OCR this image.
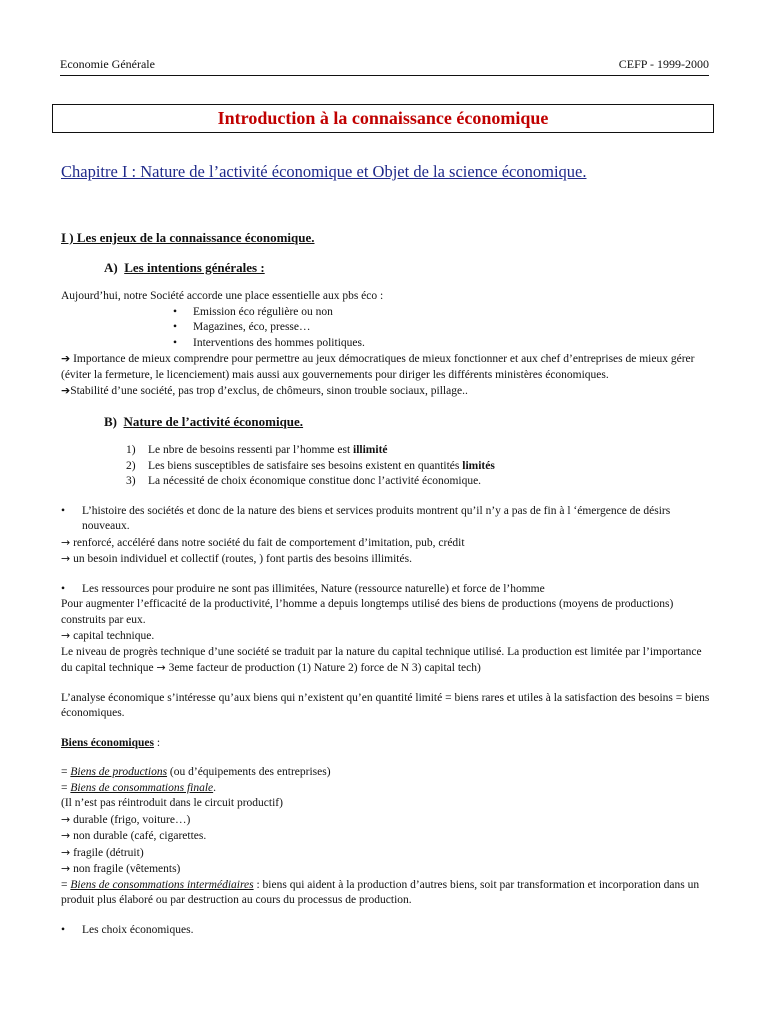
Economie Générale	CEFP - 1999-2000
Introduction à la connaissance économique
Chapitre I : Nature de l’activité économique et Objet de la science économique.
I ) Les enjeux de la connaissance économique.
A) Les intentions générales :

Aujourd’hui, notre Société accorde une place essentielle aux pbs éco :

• Emission éco régulière ou non
• Magazines, éco, presse…
• Interventions des hommes politiques.

➔ Importance de mieux comprendre pour permettre au jeux démocratiques de mieux fonctionner et aux chef d’entreprises de mieux gérer (éviter la fermeture, le licenciement) mais aussi aux gouvernements pour diriger les différents ministères économiques.

➔Stabilité d’une société, pas trop d’exclus, de chômeurs, sinon trouble sociaux, pillage..

B) Nature de l’activité économique.
1) Le nbre de besoins ressenti par l’homme est illimité
2) Les biens susceptibles de satisfaire ses besoins existent en quantités limités
3) La nécessité de choix économique constitue donc l’activité économique.
• L’histoire des sociétés et donc de la nature des biens et services produits montrent qu’il n’y a pas de fin à l ‘émergence de désirs nouveaux.

→ renforcé, accéléré dans notre société du fait de comportement d’imitation, pub, crédit

→ un besoin individuel et collectif (routes, ) font partis des besoins illimités.

• Les ressources pour produire ne sont pas illimitées, Nature (ressource naturelle) et force de l’homme

Pour augmenter l’efficacité de la productivité, l’homme a depuis longtemps utilisé des biens de productions (moyens de productions) construits par eux.

→ capital technique.

Le niveau de progrès technique d’une société se traduit par la nature du capital technique utilisé. La production est limitée par l’importance du capital technique → 3eme facteur de production (1) Nature 2) force de N 3) capital tech)

L’analyse économique s’intéresse qu’aux biens qui n’existent qu’en quantité limité = biens rares et utiles à la satisfaction des besoins = biens économiques.

Biens économiques :

= Biens de productions (ou d’équipements des entreprises)

= Biens de consommations finale.

(Il n’est pas réintroduit dans le circuit productif)

→ durable (frigo, voiture…)

→ non durable (café, cigarettes.

→ fragile (détruit)

→ non fragile (vêtements)

= Biens de consommations intermédiaires : biens qui aident à la production d’autres biens, soit par transformation et incorporation dans un produit plus élaboré ou par destruction au cours du processus de production.

• Les choix économiques.
